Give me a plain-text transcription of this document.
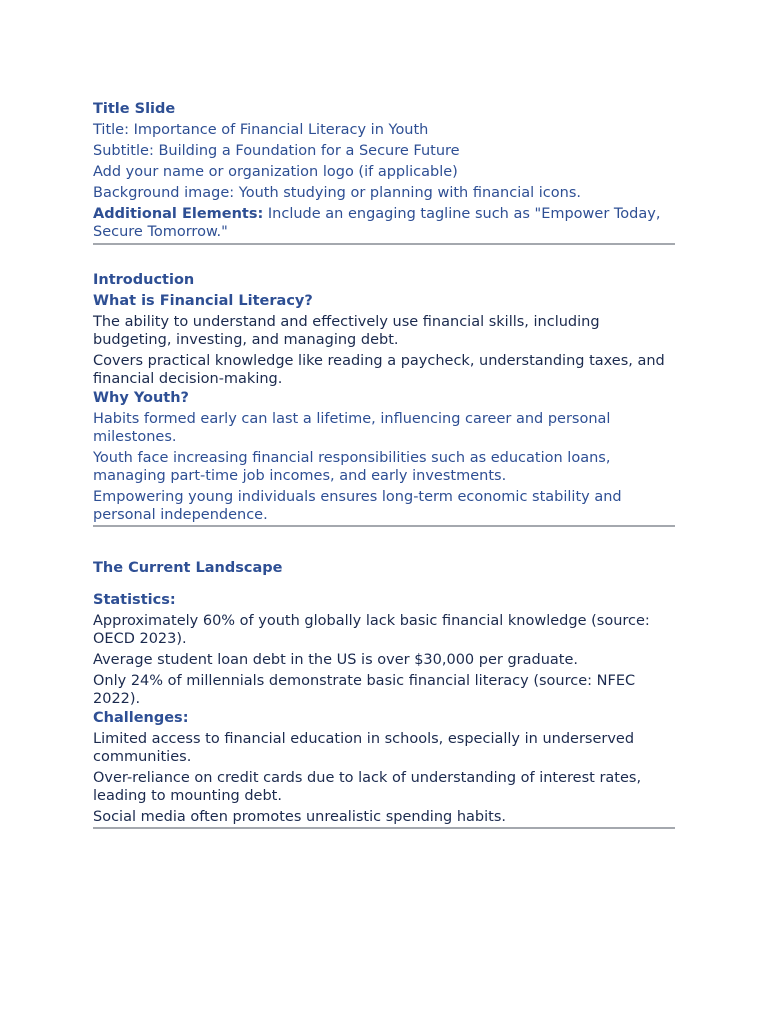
Title Slide
Title: Importance of Financial Literacy in Youth
Subtitle: Building a Foundation for a Secure Future
Add your name or organization logo (if applicable)
Background image: Youth studying or planning with financial icons.
Additional Elements: Include an engaging tagline such as "Empower Today, Secure Tomorrow."
Introduction
What is Financial Literacy?
The ability to understand and effectively use financial skills, including budgeting, investing, and managing debt.
Covers practical knowledge like reading a paycheck, understanding taxes, and financial decision-making.
Why Youth?
Habits formed early can last a lifetime, influencing career and personal milestones.
Youth face increasing financial responsibilities such as education loans, managing part-time job incomes, and early investments.
Empowering young individuals ensures long-term economic stability and personal independence.
The Current Landscape
Statistics:
Approximately 60% of youth globally lack basic financial knowledge (source: OECD 2023).
Average student loan debt in the US is over $30,000 per graduate.
Only 24% of millennials demonstrate basic financial literacy (source: NFEC 2022).
Challenges:
Limited access to financial education in schools, especially in underserved communities.
Over-reliance on credit cards due to lack of understanding of interest rates, leading to mounting debt.
Social media often promotes unrealistic spending habits.
